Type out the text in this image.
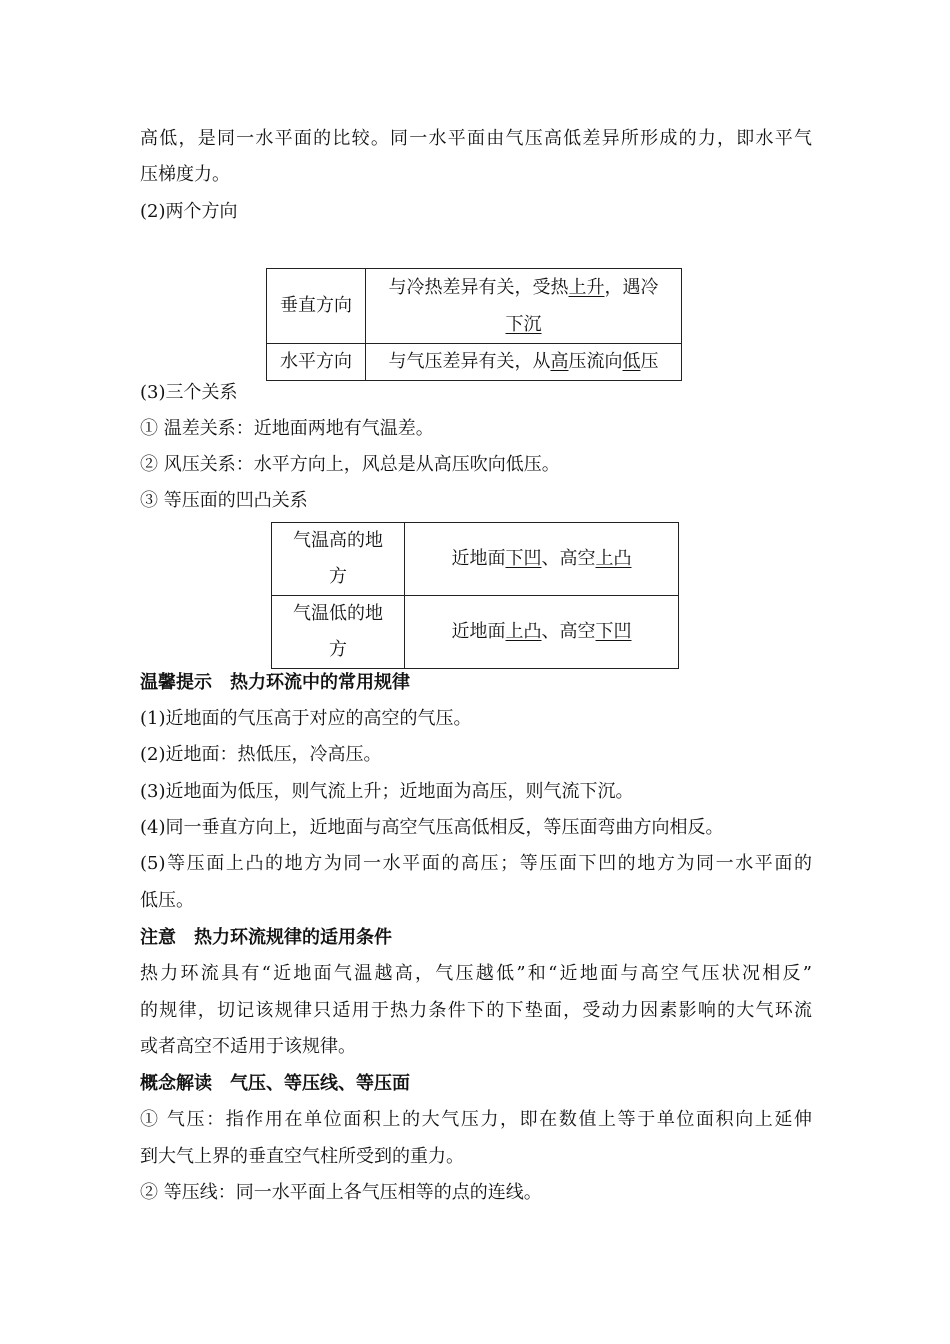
高低，是同一水平面的比较。同一水平面由气压高低差异所形成的力，即水平气
压梯度力。
(2)两个方向
垂直方向	与冷热差异有关，受热上升，遇冷
下沉
水平方向	与气压差异有关，从高压流向低压
(3)三个关系
① 温差关系：近地面两地有气温差。
② 风压关系：水平方向上，风总是从高压吹向低压。
③ 等压面的凹凸关系
气温高的地
方	近地面下凹、高空上凸
气温低的地
方	近地面上凸、高空下凹
温馨提示 热力环流中的常用规律
(1)近地面的气压高于对应的高空的气压。
(2)近地面：热低压，冷高压。
(3)近地面为低压，则气流上升；近地面为高压，则气流下沉。
(4)同一垂直方向上，近地面与高空气压高低相反，等压面弯曲方向相反。
(5)等压面上凸的地方为同一水平面的高压；等压面下凹的地方为同一水平面的
低压。
注意 热力环流规律的适用条件
热力环流具有“近地面气温越高，气压越低”和“近地面与高空气压状况相反”
的规律，切记该规律只适用于热力条件下的下垫面，受动力因素影响的大气环流
或者高空不适用于该规律。
概念解读 气压、等压线、等压面
① 气压：指作用在单位面积上的大气压力，即在数值上等于单位面积向上延伸
到大气上界的垂直空气柱所受到的重力。
② 等压线：同一水平面上各气压相等的点的连线。
